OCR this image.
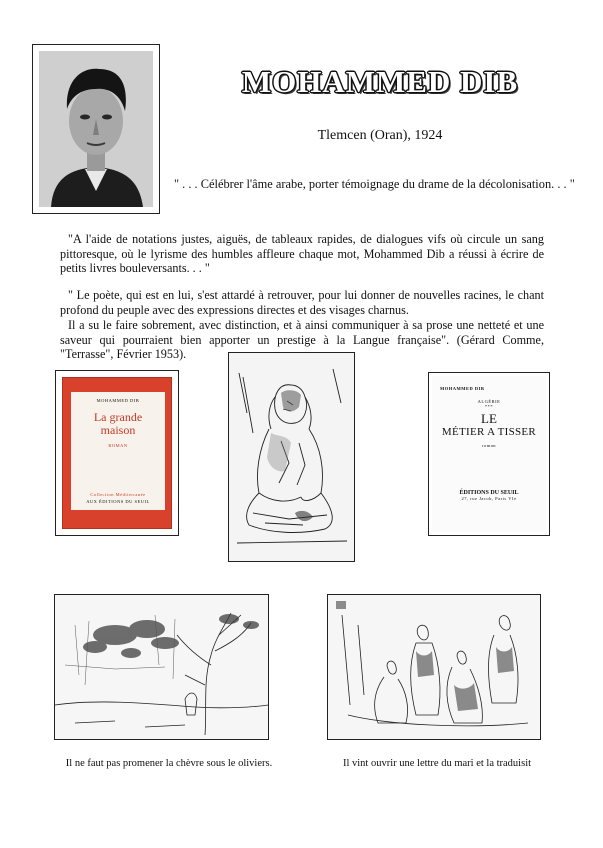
MOHAMMED DIB
Tlemcen (Oran), 1924
" . . . Célébrer l'âme arabe, porter témoignage du drame de la décolonisation. . . "
"A l'aide de notations justes, aiguës, de tableaux rapides, de dialogues vifs où circule un sang pittoresque, où le lyrisme des humbles affleure chaque mot, Mohammed Dib a réussi à écrire de petits livres bouleversants. . . "
" Le poète, qui est en lui, s'est attardé à retrouver, pour lui donner de nouvelles racines, le chant profond du peuple avec des expressions directes et des visages charnus.
Il a su le faire sobrement, avec distinction, et à ainsi communiquer à sa prose une netteté et une saveur qui pourraient bien apporter un prestige à la Langue française". (Gérard Comme, "Terrasse", Février 1953).
MOHAMMED DIB
La grande
maison
ROMAN
Collection Méditerranée
AUX ÉDITIONS DU SEUIL
MOHAMMED DIB
ALGÉRIE
***
LE
MÉTIER A TISSER
roman
ÉDITIONS DU SEUIL
27, rue Jacob, Paris VIe
Il ne faut pas promener la chèvre sous le oliviers.	Il vint ouvrir une lettre du mari et la traduisit
